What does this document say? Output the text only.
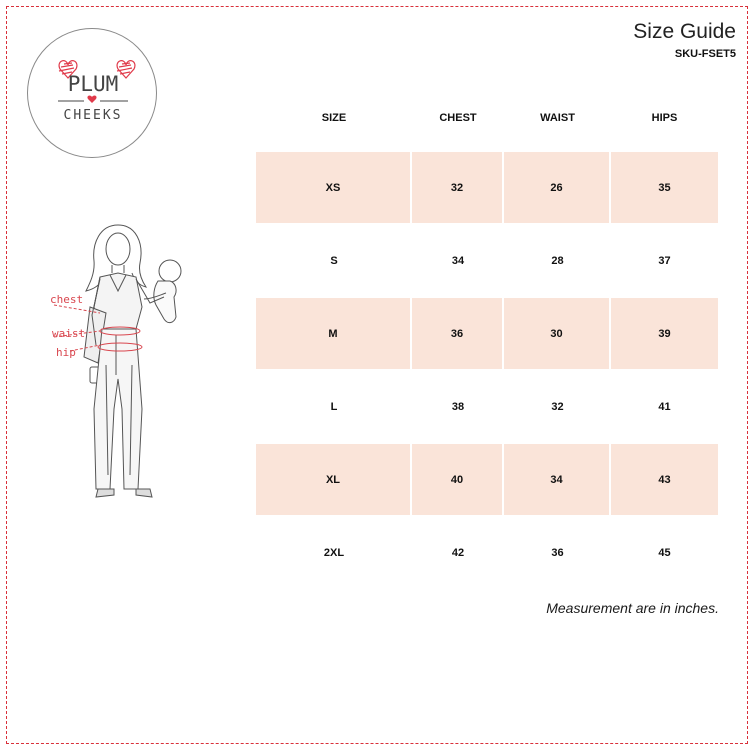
Size Guide
SKU-FSET5
PLUM
CHEEKS
chest
waist
hip
SIZE	CHEST	WAIST	HIPS
XS	32	26	35
S	34	28	37
M	36	30	39
L	38	32	41
XL	40	34	43
2XL	42	36	45
Measurement are in inches.
